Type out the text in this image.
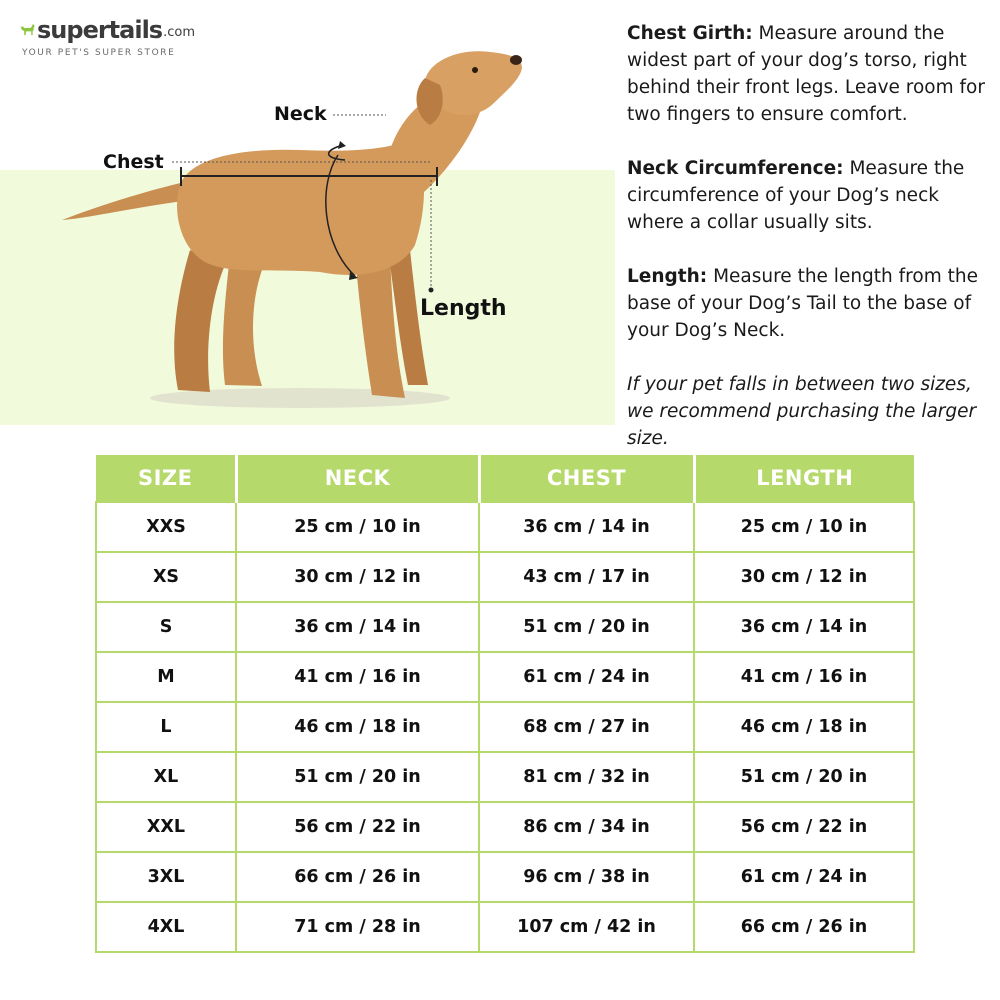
supertails .com
YOUR PET'S SUPER STORE
Neck
Chest
Length

Chest Girth: Measure around the widest part of your dog’s torso, right behind their front legs. Leave room for two fingers to ensure comfort.

Neck Circumference: Measure the circumference of your Dog’s neck where a collar usually sits.

Length: Measure the length from the base of your Dog’s Tail to the base of your Dog’s Neck.

If your pet falls in between two sizes, we recommend purchasing the larger size.

SIZE	NECK	CHEST	LENGTH
XXS	25 cm / 10 in	36 cm / 14 in	25 cm / 10 in
XS	30 cm / 12 in	43 cm / 17 in	30 cm / 12 in
S	36 cm / 14 in	51 cm / 20 in	36 cm / 14 in
M	41 cm / 16 in	61 cm / 24 in	41 cm / 16 in
L	46 cm / 18 in	68 cm / 27 in	46 cm / 18 in
XL	51 cm / 20 in	81 cm / 32 in	51 cm / 20 in
XXL	56 cm / 22 in	86 cm / 34 in	56 cm / 22 in
3XL	66 cm / 26 in	96 cm / 38 in	61 cm / 24 in
4XL	71 cm / 28 in	107 cm / 42 in	66 cm / 26 in
